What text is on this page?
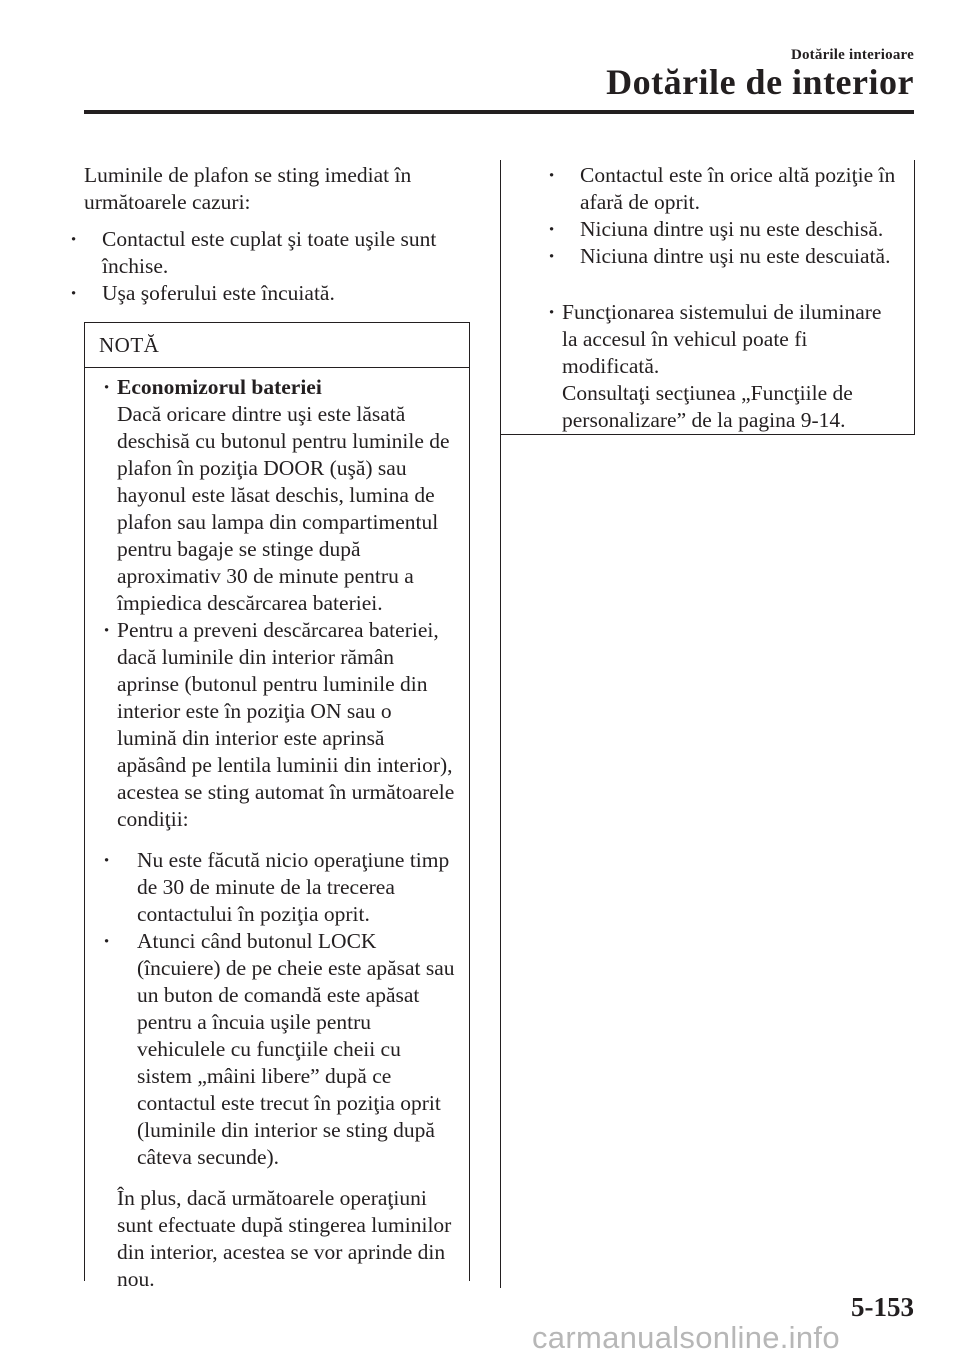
Dotările interioare
Dotările de interior

Luminile de plafon se sting imediat în următoarele cazuri:

· Contactul este cuplat şi toate uşile sunt închise.

· Uşa şoferului este încuiată.

NOTĂ

· Economizorul bateriei

Dacă oricare dintre uşi este lăsată deschisă cu butonul pentru luminile de plafon în poziţia DOOR (uşă) sau hayonul este lăsat deschis, lumina de plafon sau lampa din compartimentul pentru bagaje se stinge după aproximativ 30 de minute pentru a împiedica descărcarea bateriei.

· Pentru a preveni descărcarea bateriei, dacă luminile din interior rămân aprinse (butonul pentru luminile din interior este în poziţia ON sau o lumină din interior este aprinsă apăsând pe lentila luminii din interior), acestea se sting automat în următoarele condiţii:

· Nu este făcută nicio operaţiune timp de 30 de minute de la trecerea contactului în poziţia oprit.

· Atunci când butonul LOCK (încuiere) de pe cheie este apăsat sau un buton de comandă este apăsat pentru a încuia uşile pentru vehiculele cu funcţiile cheii cu sistem „mâini libere” după ce contactul este trecut în poziţia oprit (luminile din interior se sting după câteva secunde).

În plus, dacă următoarele operaţiuni sunt efectuate după stingerea luminilor din interior, acestea se vor aprinde din nou.

· Contactul este în orice altă poziţie în afară de oprit.

· Niciuna dintre uşi nu este deschisă.

· Niciuna dintre uşi nu este descuiată.

· Funcţionarea sistemului de iluminare la accesul în vehicul poate fi modificată.

Consultaţi secţiunea „Funcţiile de personalizare” de la pagina 9-14.

5-153
carmanualsonline.info
